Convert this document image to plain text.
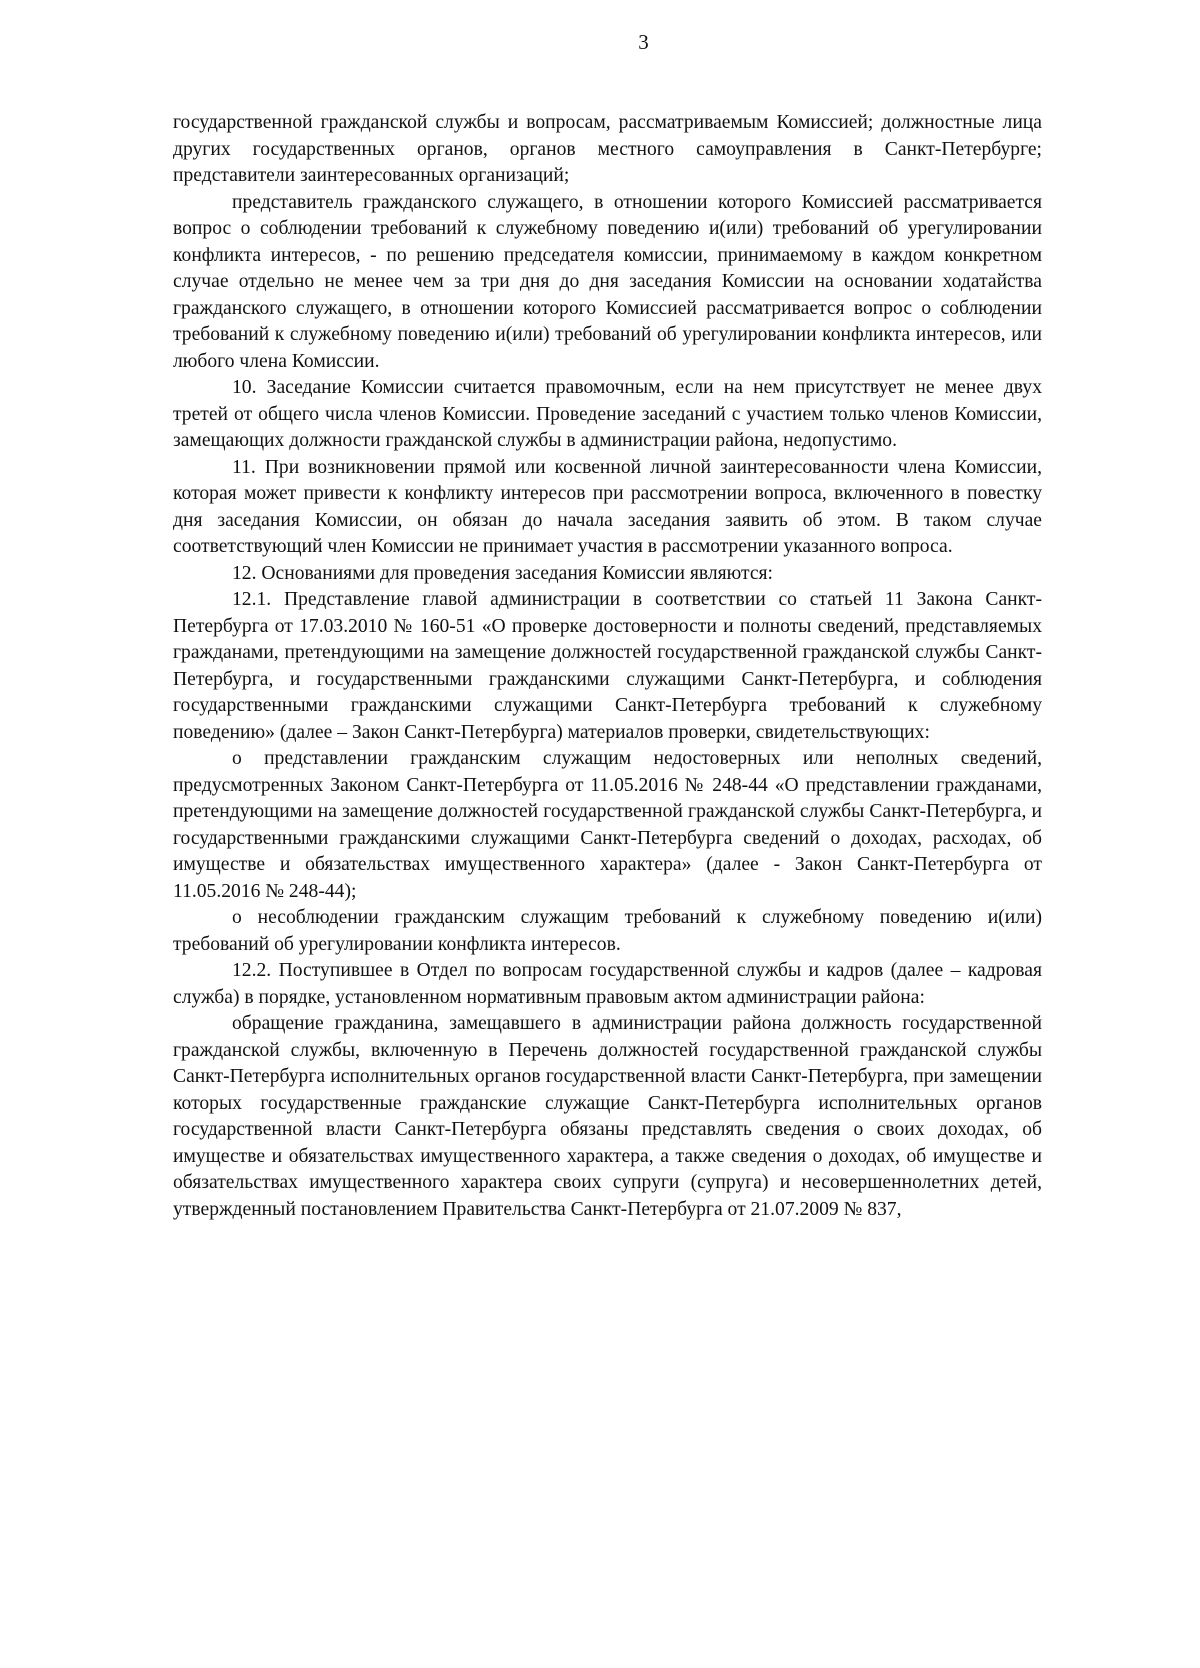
3

государственной гражданской службы и вопросам, рассматриваемым Комиссией; должностные лица других государственных органов, органов местного самоуправления в Санкт-Петербурге; представители заинтересованных организаций;

представитель гражданского служащего, в отношении которого Комиссией рассматривается вопрос о соблюдении требований к служебному поведению и(или) требований об урегулировании конфликта интересов, - по решению председателя комиссии, принимаемому в каждом конкретном случае отдельно не менее чем за три дня до дня заседания Комиссии на основании ходатайства гражданского служащего, в отношении которого Комиссией рассматривается вопрос о соблюдении требований к служебному поведению и(или) требований об урегулировании конфликта интересов, или любого члена Комиссии.

10. Заседание Комиссии считается правомочным, если на нем присутствует не менее двух третей от общего числа членов Комиссии. Проведение заседаний с участием только членов Комиссии, замещающих должности гражданской службы в администрации района, недопустимо.

11. При возникновении прямой или косвенной личной заинтересованности члена Комиссии, которая может привести к конфликту интересов при рассмотрении вопроса, включенного в повестку дня заседания Комиссии, он обязан до начала заседания заявить об этом. В таком случае соответствующий член Комиссии не принимает участия в рассмотрении указанного вопроса.

12. Основаниями для проведения заседания Комиссии являются:

12.1. Представление главой администрации в соответствии со статьей 11 Закона Санкт-Петербурга от 17.03.2010 № 160-51 «О проверке достоверности и полноты сведений, представляемых гражданами, претендующими на замещение должностей государственной гражданской службы Санкт-Петербурга, и государственными гражданскими служащими Санкт-Петербурга, и соблюдения государственными гражданскими служащими Санкт-Петербурга требований к служебному поведению» (далее – Закон Санкт-Петербурга) материалов проверки, свидетельствующих:

о представлении гражданским служащим недостоверных или неполных сведений, предусмотренных Законом Санкт-Петербурга от 11.05.2016 № 248-44 «О представлении гражданами, претендующими на замещение должностей государственной гражданской службы Санкт-Петербурга, и государственными гражданскими служащими Санкт-Петербурга сведений о доходах, расходах, об имуществе и обязательствах имущественного характера» (далее - Закон Санкт-Петербурга от 11.05.2016 № 248-44);

о несоблюдении гражданским служащим требований к служебному поведению и(или) требований об урегулировании конфликта интересов.

12.2. Поступившее в Отдел по вопросам государственной службы и кадров (далее – кадровая служба) в порядке, установленном нормативным правовым актом администрации района:

обращение гражданина, замещавшего в администрации района должность государственной гражданской службы, включенную в Перечень должностей государственной гражданской службы Санкт-Петербурга исполнительных органов государственной власти Санкт-Петербурга, при замещении которых государственные гражданские служащие Санкт-Петербурга исполнительных органов государственной власти Санкт-Петербурга обязаны представлять сведения о своих доходах, об имуществе и обязательствах имущественного характера, а также сведения о доходах, об имуществе и обязательствах имущественного характера своих супруги (супруга) и несовершеннолетних детей, утвержденный постановлением Правительства Санкт-Петербурга от 21.07.2009 № 837,
